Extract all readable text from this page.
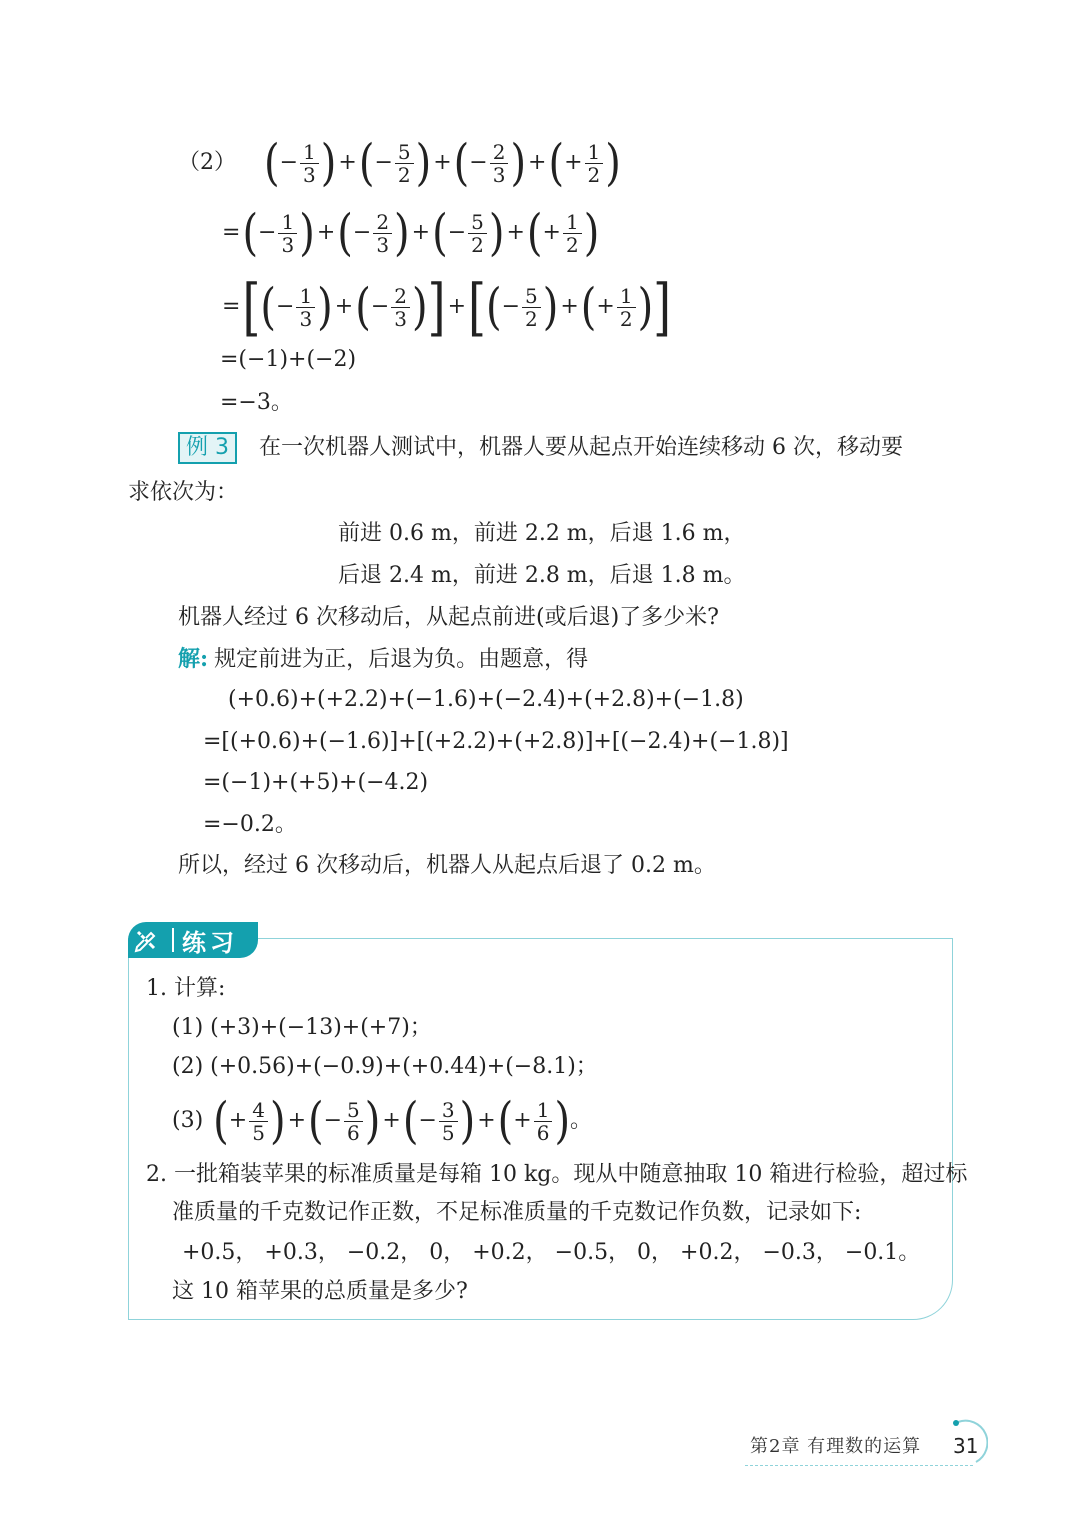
（2） ( − $\frac{1}{3}$ ) + ( − $\frac{5}{2}$ ) + ( − $\frac{2}{3}$ ) + ( + $\frac{1}{2}$ )
= ( − $\frac{1}{3}$ ) + ( − $\frac{2}{3}$ ) + ( − $\frac{5}{2}$ ) + ( + $\frac{1}{2}$ )
= [ ( − $\frac{1}{3}$ ) + ( − $\frac{2}{3}$ ) ] + [ ( − $\frac{5}{2}$ ) + ( + $\frac{1}{2}$ ) ]
=(−1)+(−2)
=−3。
例 3 在一次机器人测试中，机器人要从起点开始连续移动 6 次，移动要
求依次为：
前进 0.6 m，前进 2.2 m，后退 1.6 m，
后退 2.4 m，前进 2.8 m，后退 1.8 m。
机器人经过 6 次移动后，从起点前进(或后退)了多少米?
解: 规定前进为正，后退为负。由题意，得
(+0.6)+(+2.2)+(−1.6)+(−2.4)+(+2.8)+(−1.8)
=[(+0.6)+(−1.6)]+[(+2.2)+(+2.8)]+[(−2.4)+(−1.8)]
=(−1)+(+5)+(−4.2)
=−0.2。
所以，经过 6 次移动后，机器人从起点后退了 0.2 m。
练习
1. 计算:
(1) (+3)+(−13)+(+7)；
(2) (+0.56)+(−0.9)+(+0.44)+(−8.1)；
(3) ( + $\frac{4}{5}$ ) + ( − $\frac{5}{6}$ ) + ( − $\frac{3}{5}$ ) + ( + $\frac{1}{6}$ ) 。
2. 一批箱装苹果的标准质量是每箱 10 kg。现从中随意抽取 10 箱进行检验，超过标
准质量的千克数记作正数，不足标准质量的千克数记作负数，记录如下:
+0.5， +0.3， −0.2， 0， +0.2， −0.5， 0， +0.2， −0.3， −0.1。
这 10 箱苹果的总质量是多少?
第2章 有理数的运算 31
